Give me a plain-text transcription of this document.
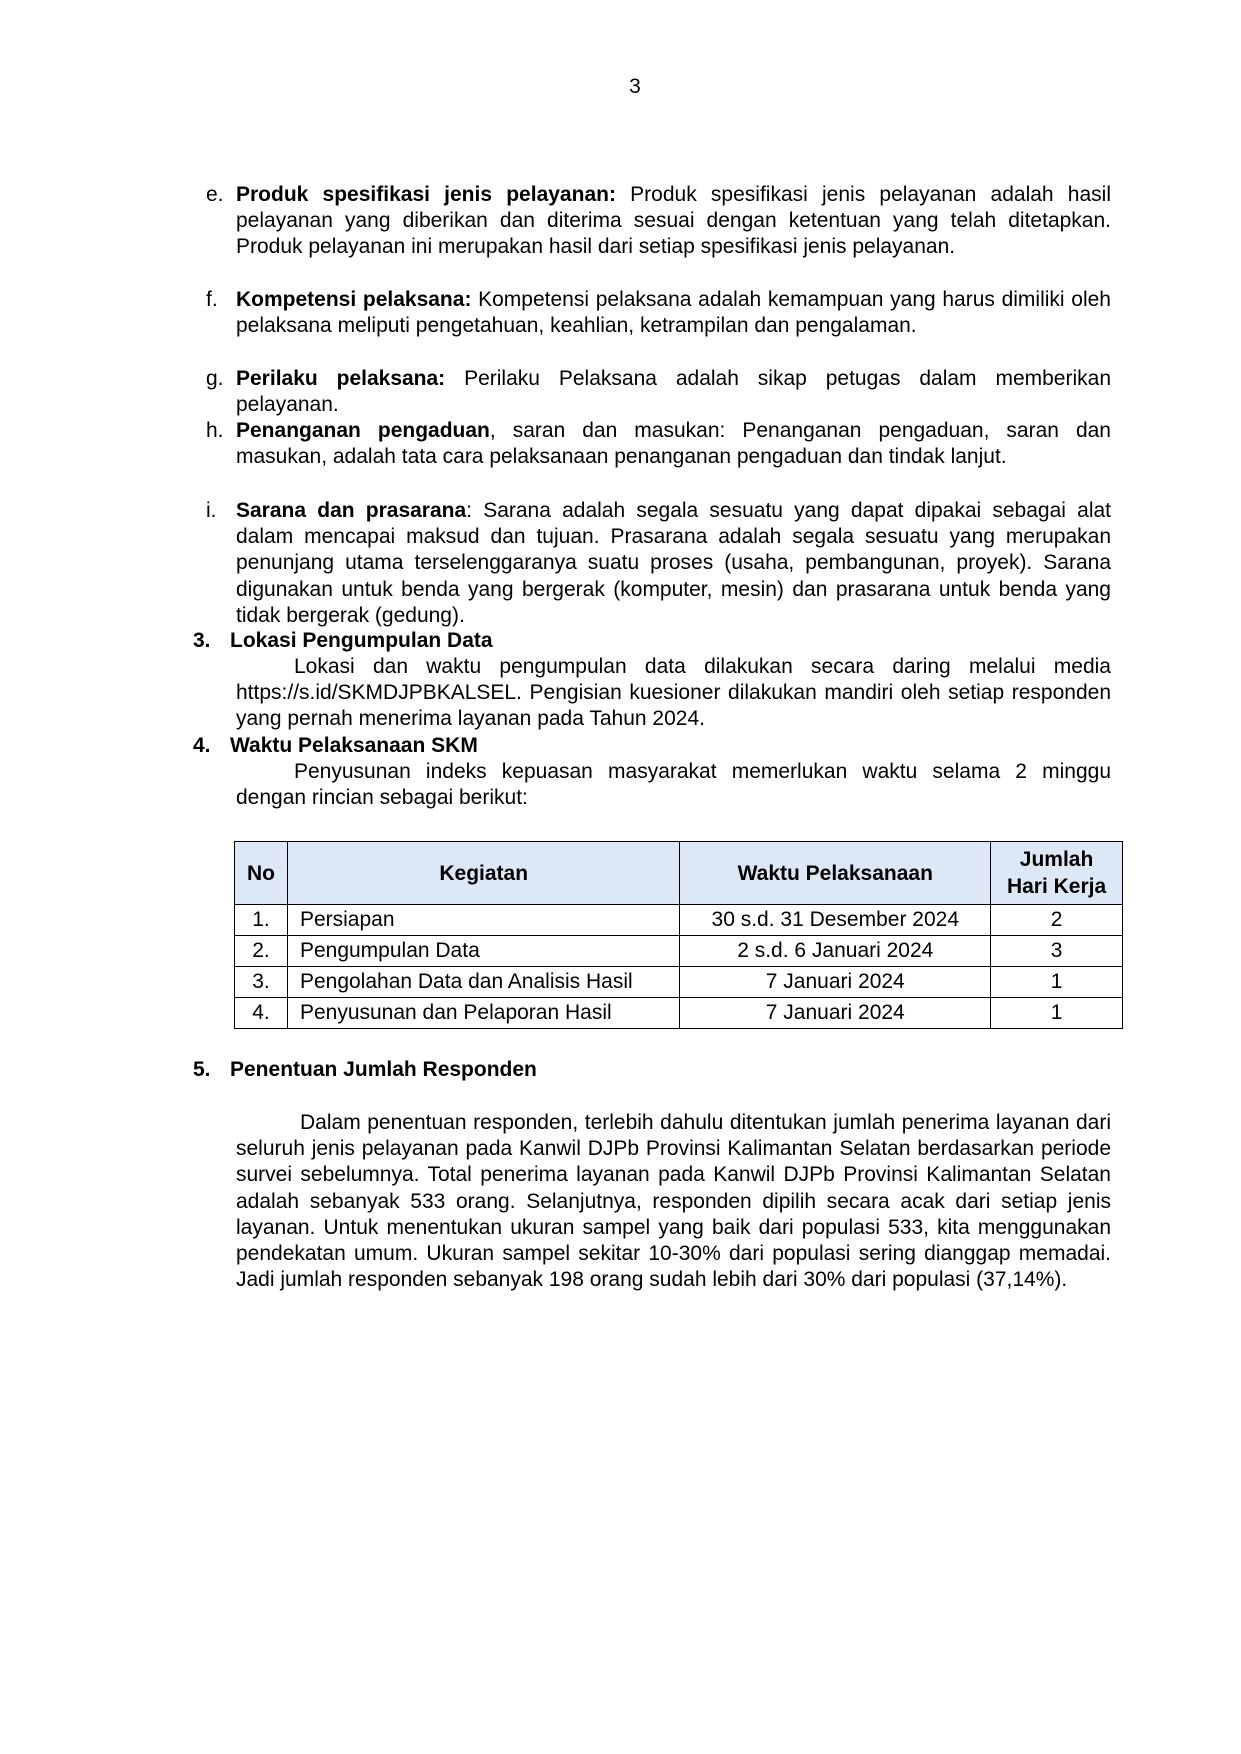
3
e. Produk spesifikasi jenis pelayanan: Produk spesifikasi jenis pelayanan adalah hasil pelayanan yang diberikan dan diterima sesuai dengan ketentuan yang telah ditetapkan. Produk pelayanan ini merupakan hasil dari setiap spesifikasi jenis pelayanan.
f. Kompetensi pelaksana: Kompetensi pelaksana adalah kemampuan yang harus dimiliki oleh pelaksana meliputi pengetahuan, keahlian, ketrampilan dan pengalaman.
g. Perilaku pelaksana: Perilaku Pelaksana adalah sikap petugas dalam memberikan pelayanan.
h. Penanganan pengaduan, saran dan masukan: Penanganan pengaduan, saran dan masukan, adalah tata cara pelaksanaan penanganan pengaduan dan tindak lanjut.
i. Sarana dan prasarana: Sarana adalah segala sesuatu yang dapat dipakai sebagai alat dalam mencapai maksud dan tujuan. Prasarana adalah segala sesuatu yang merupakan penunjang utama terselenggaranya suatu proses (usaha, pembangunan, proyek). Sarana digunakan untuk benda yang bergerak (komputer, mesin) dan prasarana untuk benda yang tidak bergerak (gedung).
3. Lokasi Pengumpulan Data
Lokasi dan waktu pengumpulan data dilakukan secara daring melalui media https://s.id/SKMDJPBKALSEL. Pengisian kuesioner dilakukan mandiri oleh setiap responden yang pernah menerima layanan pada Tahun 2024.
4. Waktu Pelaksanaan SKM
Penyusunan indeks kepuasan masyarakat memerlukan waktu selama 2 minggu dengan rincian sebagai berikut:
No	Kegiatan	Waktu Pelaksanaan	Jumlah
Hari Kerja
1.	Persiapan	30 s.d. 31 Desember 2024	2
2.	Pengumpulan Data	2 s.d. 6 Januari 2024	3
3.	Pengolahan Data dan Analisis Hasil	7 Januari 2024	1
4.	Penyusunan dan Pelaporan Hasil	7 Januari 2024	1
5. Penentuan Jumlah Responden
Dalam penentuan responden, terlebih dahulu ditentukan jumlah penerima layanan dari seluruh jenis pelayanan pada Kanwil DJPb Provinsi Kalimantan Selatan berdasarkan periode survei sebelumnya. Total penerima layanan pada Kanwil DJPb Provinsi Kalimantan Selatan adalah sebanyak 533 orang. Selanjutnya, responden dipilih secara acak dari setiap jenis layanan. Untuk menentukan ukuran sampel yang baik dari populasi 533, kita menggunakan pendekatan umum. Ukuran sampel sekitar 10-30% dari populasi sering dianggap memadai. Jadi jumlah responden sebanyak 198 orang sudah lebih dari 30% dari populasi (37,14%).
